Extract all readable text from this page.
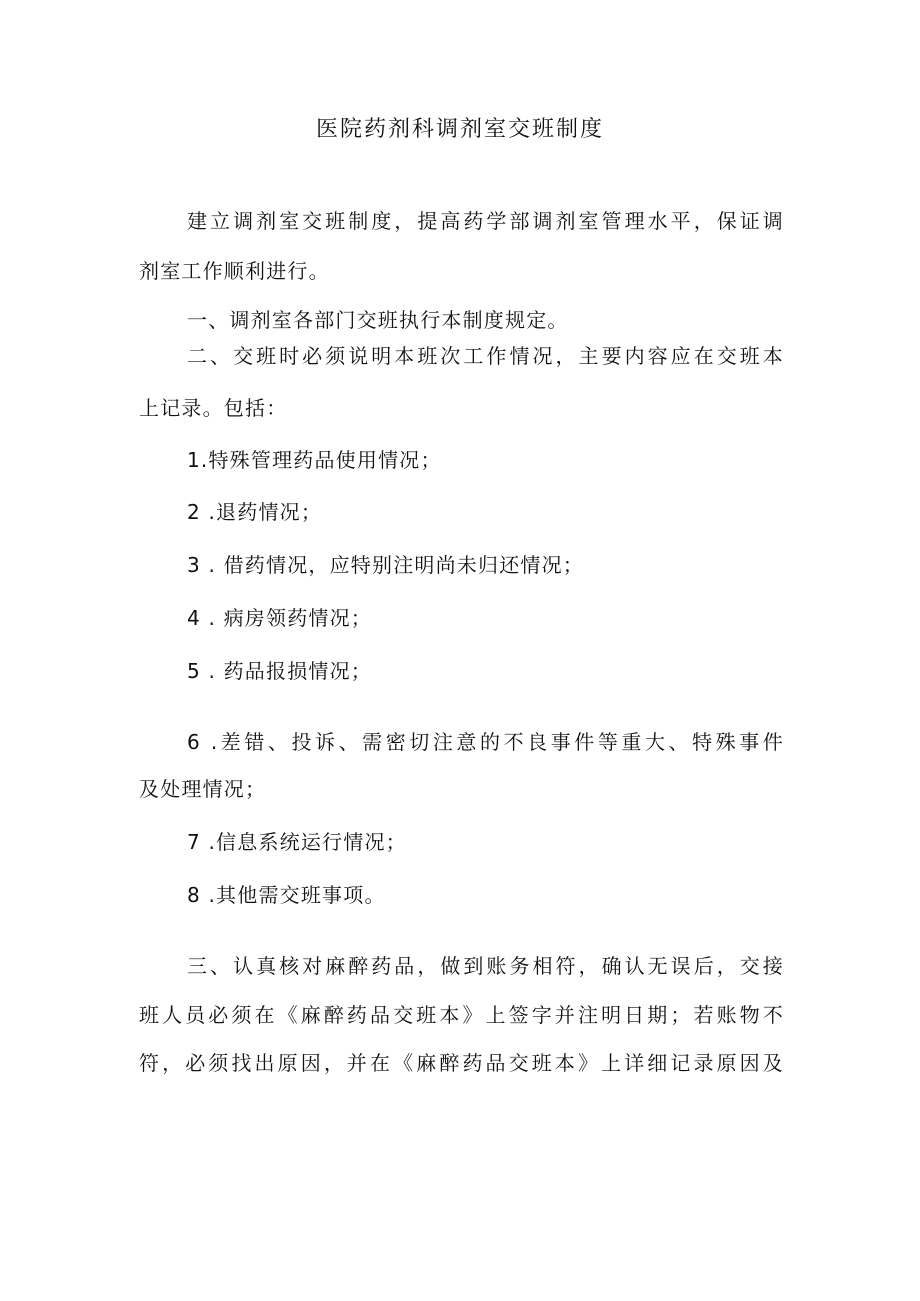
医院药剂科调剂室交班制度
建立调剂室交班制度，提高药学部调剂室管理水平，保证调
剂室工作顺利进行。
一、调剂室各部门交班执行本制度规定。
二、交班时必须说明本班次工作情况，主要内容应在交班本
上记录。包括：
1.特殊管理药品使用情况；
2 .退药情况；
3 . 借药情况，应特别注明尚未归还情况；
4 . 病房领药情况；
5 . 药品报损情况；
6 .差错、投诉、需密切注意的不良事件等重大、特殊事件
及处理情况；
7 .信息系统运行情况；
8 .其他需交班事项。
三、认真核对麻醉药品，做到账务相符，确认无误后，交接
班人员必须在《麻醉药品交班本》上签字并注明日期；若账物不
符，必须找出原因，并在《麻醉药品交班本》上详细记录原因及
